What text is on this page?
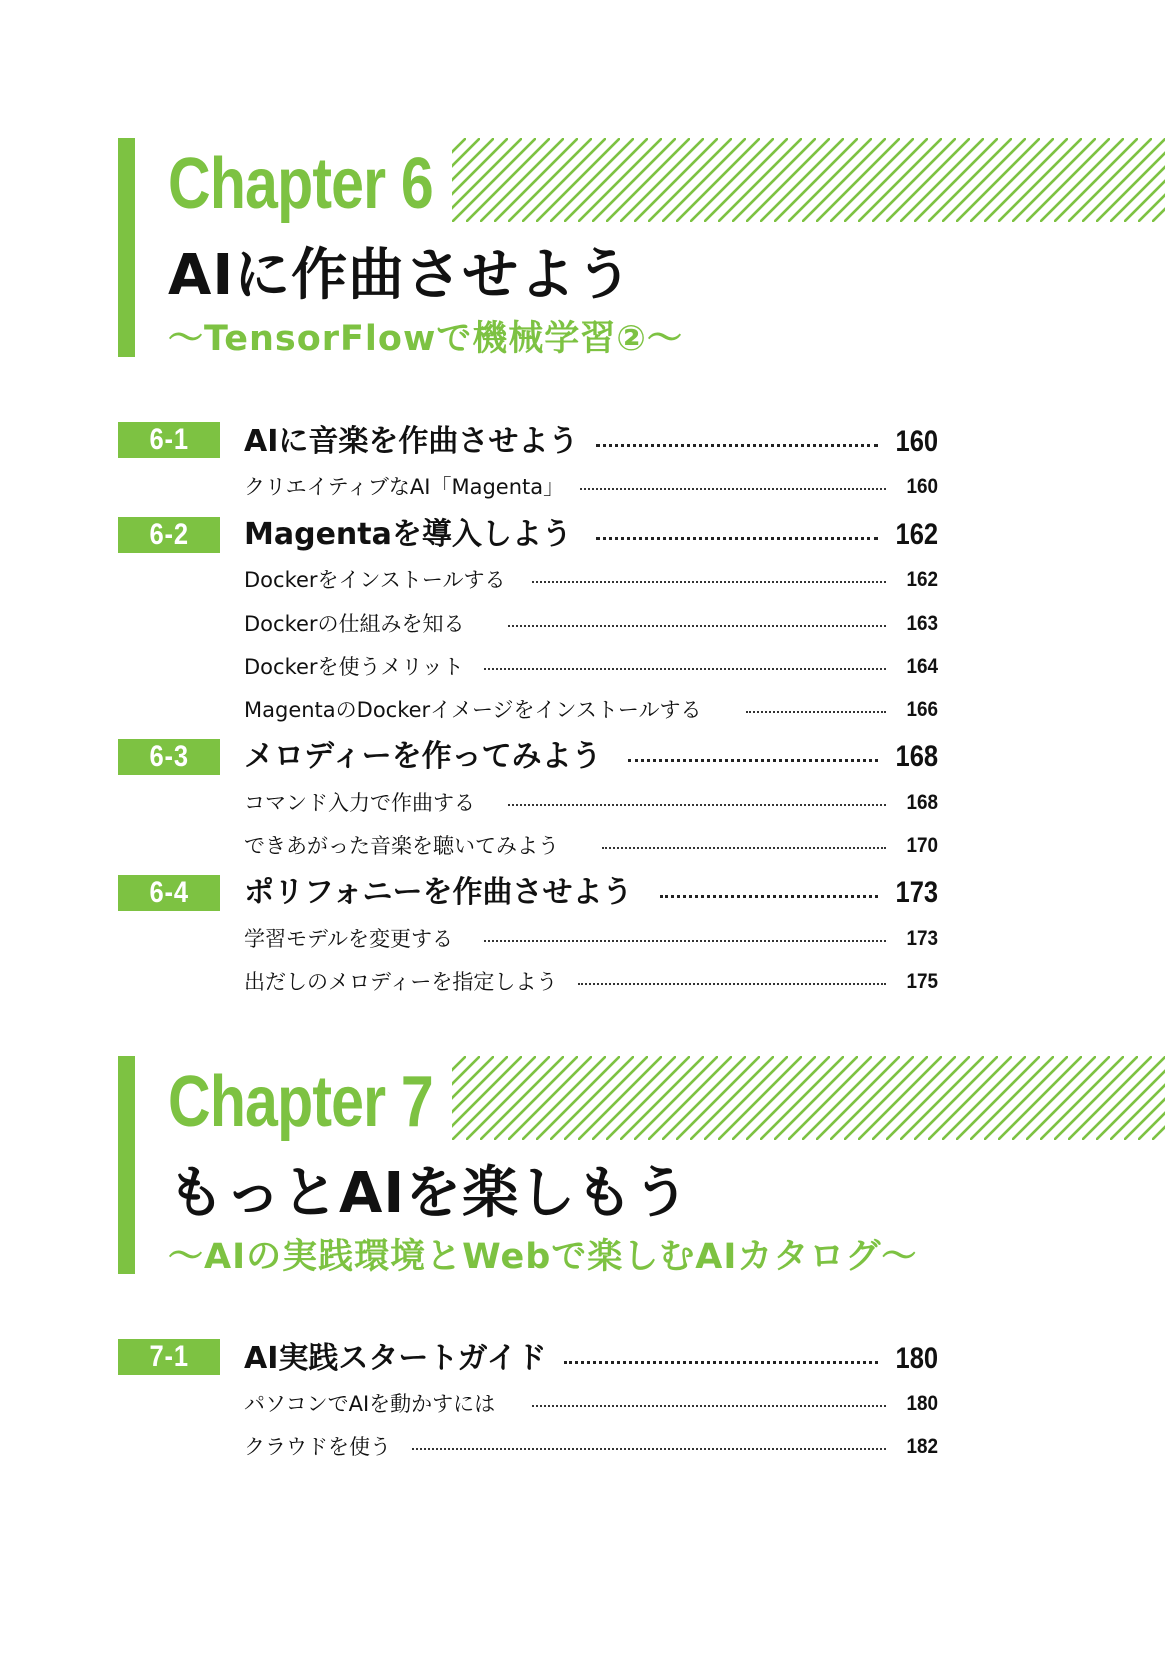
Chapter 6
AIに作曲させよう
～TensorFlowで機械学習②～
6-1 AIに音楽を作曲させよう	160
クリエイティブなAI「Magenta」	160
6-2 Magentaを導入しよう	162
Dockerをインストールする	162
Dockerの仕組みを知る	163
Dockerを使うメリット	164
MagentaのDockerイメージをインストールする	166
6-3 メロディーを作ってみよう	168
コマンド入力で作曲する	168
できあがった音楽を聴いてみよう	170
6-4 ポリフォニーを作曲させよう	173
学習モデルを変更する	173
出だしのメロディーを指定しよう	175
Chapter 7
もっとAIを楽しもう
～AIの実践環境とWebで楽しむAIカタログ～
7-1 AI実践スタートガイド	180
パソコンでAIを動かすには	180
クラウドを使う	182
